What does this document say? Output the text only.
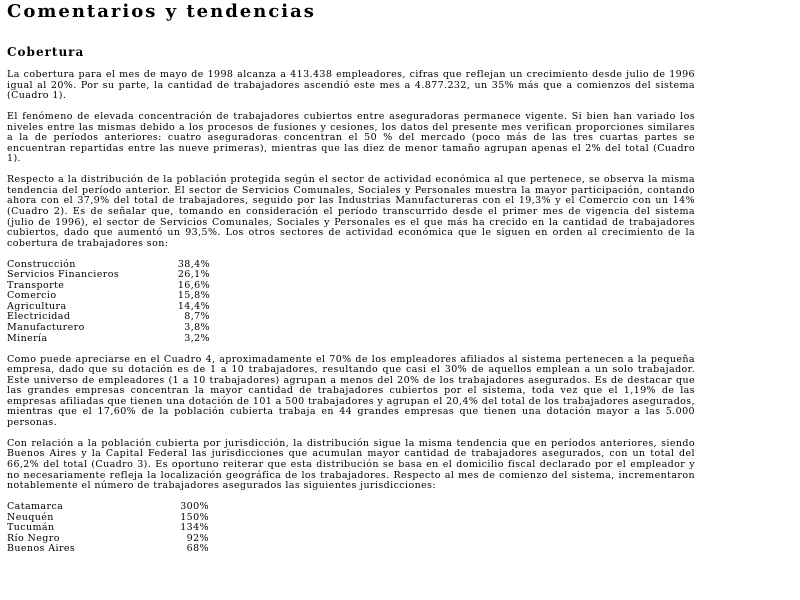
Comentarios y tendencias
Cobertura

La cobertura para el mes de mayo de 1998 alcanza a 413.438 empleadores, cifras que reflejan un crecimiento desde julio de 1996 igual al 20%. Por su parte, la cantidad de trabajadores ascendió este mes a 4.877.232, un 35% más que a comienzos del sistema (Cuadro 1).

El fenómeno de elevada concentración de trabajadores cubiertos entre aseguradoras permanece vigente. Si bien han variado los niveles entre las mismas debido a los procesos de fusiones y cesiones, los datos del presente mes verifican proporciones similares a la de períodos anteriores: cuatro aseguradoras concentran el 50 % del mercado (poco más de las tres cuartas partes se encuentran repartidas entre las nueve primeras), mientras que las diez de menor tamaño agrupan apenas el 2% del total (Cuadro 1).

Respecto a la distribución de la población protegida según el sector de actividad económica al que pertenece, se observa la misma tendencia del período anterior. El sector de Servicios Comunales, Sociales y Personales muestra la mayor participación, contando ahora con el 37,9% del total de trabajadores, seguido por las Industrias Manufactureras con el 19,3% y el Comercio con un 14% (Cuadro 2). Es de señalar que, tomando en consideración el período transcurrido desde el primer mes de vigencia del sistema (julio de 1996), el sector de Servicios Comunales, Sociales y Personales es el que más ha crecido en la cantidad de trabajadores cubiertos, dado que aumentó un 93,5%. Los otros sectores de actividad económica que le siguen en orden al crecimiento de la cobertura de trabajadores son:

Construcción	38,4%
Servicios Financieros	26,1%
Transporte	16,6%
Comercio	15,8%
Agricultura	14,4%
Electricidad	8,7%
Manufacturero	3,8%
Minería	3,2%

Como puede apreciarse en el Cuadro 4, aproximadamente el 70% de los empleadores afiliados al sistema pertenecen a la pequeña empresa, dado que su dotación es de 1 a 10 trabajadores, resultando que casi el 30% de aquellos emplean a un solo trabajador. Este universo de empleadores (1 a 10 trabajadores) agrupan a menos del 20% de los trabajadores asegurados. Es de destacar que las grandes empresas concentran la mayor cantidad de trabajadores cubiertos por el sistema, toda vez que el 1,19% de las empresas afiliadas que tienen una dotación de 101 a 500 trabajadores y agrupan el 20,4% del total de los trabajadores asegurados, mientras que el 17,60% de la población cubierta trabaja en 44 grandes empresas que tienen una dotación mayor a las 5.000 personas.

Con relación a la población cubierta por jurisdicción, la distribución sigue la misma tendencia que en períodos anteriores, siendo Buenos Aires y la Capital Federal las jurisdicciones que acumulan mayor cantidad de trabajadores asegurados, con un total del 66,2% del total (Cuadro 3). Es oportuno reiterar que esta distribución se basa en el domicilio fiscal declarado por el empleador y no necesariamente refleja la localización geográfica de los trabajadores. Respecto al mes de comienzo del sistema, incrementaron notablemente el número de trabajadores asegurados las siguientes jurisdicciones:

Catamarca	300%
Neuquén	150%
Tucumán	134%
Río Negro	92%
Buenos Aires	68%
